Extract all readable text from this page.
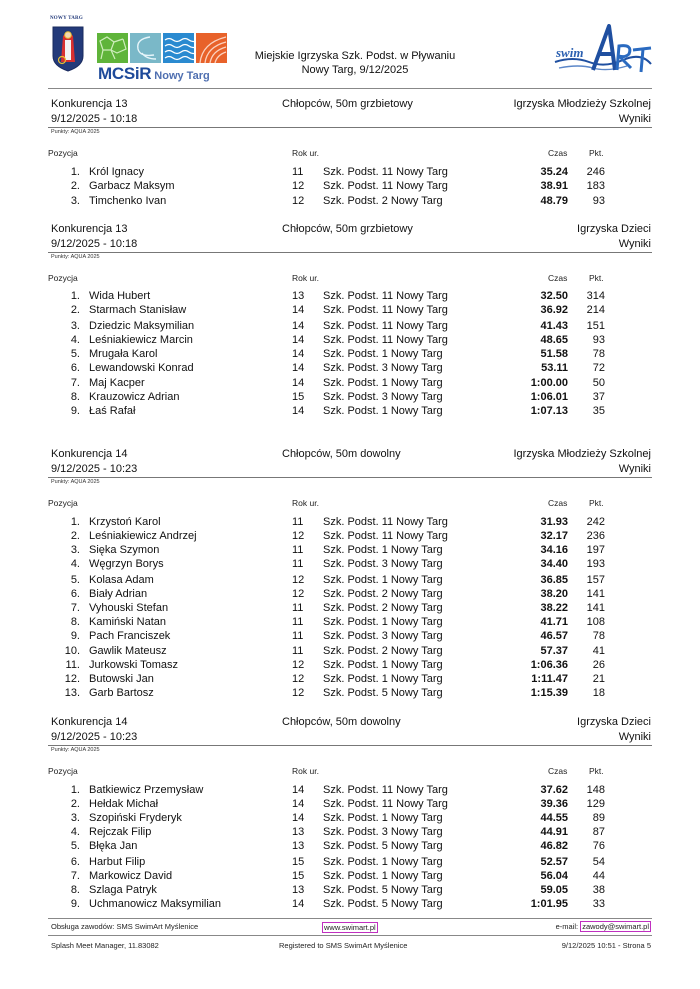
NOWY TARG
MCSiR Nowy Targ
Miejskie Igrzyska Szk. Podst. w Pływaniu
Nowy Targ, 9/12/2025
swim
Konkurencja 13
9/12/2025 - 10:18
Chłopców, 50m grzbietowy	Igrzyska Młodzieży Szkolnej
Wyniki
Punkty: AQUA 2025
Pozycja	Rok ur.	Czas	Pkt.
1. Król Ignacy	11 Szk. Podst. 11 Nowy Targ	35.24	246
2. Garbacz Maksym	12 Szk. Podst. 11 Nowy Targ	38.91	183
3. Timchenko Ivan	12 Szk. Podst. 2 Nowy Targ	48.79	93
Konkurencja 13
9/12/2025 - 10:18
Chłopców, 50m grzbietowy	Igrzyska Dzieci
Wyniki
Punkty: AQUA 2025
Pozycja	Rok ur.	Czas	Pkt.
1. Wida Hubert	13 Szk. Podst. 11 Nowy Targ	32.50	314
2. Starmach Stanisław	14 Szk. Podst. 11 Nowy Targ	36.92	214
3. Dziedzic Maksymilian	14 Szk. Podst. 11 Nowy Targ	41.43	151
4. Leśniakiewicz Marcin	14 Szk. Podst. 11 Nowy Targ	48.65	93
5. Mrugała Karol	14 Szk. Podst. 1 Nowy Targ	51.58	78
6. Lewandowski Konrad	14 Szk. Podst. 3 Nowy Targ	53.11	72
7. Maj Kacper	14 Szk. Podst. 1 Nowy Targ	1:00.00	50
8. Krauzowicz Adrian	15 Szk. Podst. 3 Nowy Targ	1:06.01	37
9. Łaś Rafał	14 Szk. Podst. 1 Nowy Targ	1:07.13	35
Konkurencja 14
9/12/2025 - 10:23
Chłopców, 50m dowolny	Igrzyska Młodzieży Szkolnej
Wyniki
Punkty: AQUA 2025
Pozycja	Rok ur.	Czas	Pkt.
1. Krzystoń Karol	11 Szk. Podst. 11 Nowy Targ	31.93	242
2. Leśniakiewicz Andrzej	12 Szk. Podst. 11 Nowy Targ	32.17	236
3. Sięka Szymon	11 Szk. Podst. 1 Nowy Targ	34.16	197
4. Węgrzyn Borys	11 Szk. Podst. 3 Nowy Targ	34.40	193
5. Kolasa Adam	12 Szk. Podst. 1 Nowy Targ	36.85	157
6. Biały Adrian	12 Szk. Podst. 2 Nowy Targ	38.20	141
7. Vyhouski Stefan	11 Szk. Podst. 2 Nowy Targ	38.22	141
8. Kamiński Natan	11 Szk. Podst. 1 Nowy Targ	41.71	108
9. Pach Franciszek	11 Szk. Podst. 3 Nowy Targ	46.57	78
10. Gawlik Mateusz	11 Szk. Podst. 2 Nowy Targ	57.37	41
11. Jurkowski Tomasz	12 Szk. Podst. 1 Nowy Targ	1:06.36	26
12. Butowski Jan	12 Szk. Podst. 1 Nowy Targ	1:11.47	21
13. Garb Bartosz	12 Szk. Podst. 5 Nowy Targ	1:15.39	18
Konkurencja 14
9/12/2025 - 10:23
Chłopców, 50m dowolny	Igrzyska Dzieci
Wyniki
Punkty: AQUA 2025
Pozycja	Rok ur.	Czas	Pkt.
1. Batkiewicz Przemysław	14 Szk. Podst. 11 Nowy Targ	37.62	148
2. Hełdak Michał	14 Szk. Podst. 11 Nowy Targ	39.36	129
3. Szopiński Fryderyk	14 Szk. Podst. 1 Nowy Targ	44.55	89
4. Rejczak Filip	13 Szk. Podst. 3 Nowy Targ	44.91	87
5. Błęka Jan	13 Szk. Podst. 5 Nowy Targ	46.82	76
6. Harbut Filip	15 Szk. Podst. 1 Nowy Targ	52.57	54
7. Markowicz David	15 Szk. Podst. 1 Nowy Targ	56.04	44
8. Szlaga Patryk	13 Szk. Podst. 5 Nowy Targ	59.05	38
9. Uchmanowicz Maksymilian	14 Szk. Podst. 5 Nowy Targ	1:01.95	33
Obsługa zawodów: SMS SwimArt Myślenice	www.swimart.pl	e-mail: zawody@swimart.pl
Splash Meet Manager, 11.83082	Registered to SMS SwimArt Myślenice	9/12/2025 10:51 - Strona 5
